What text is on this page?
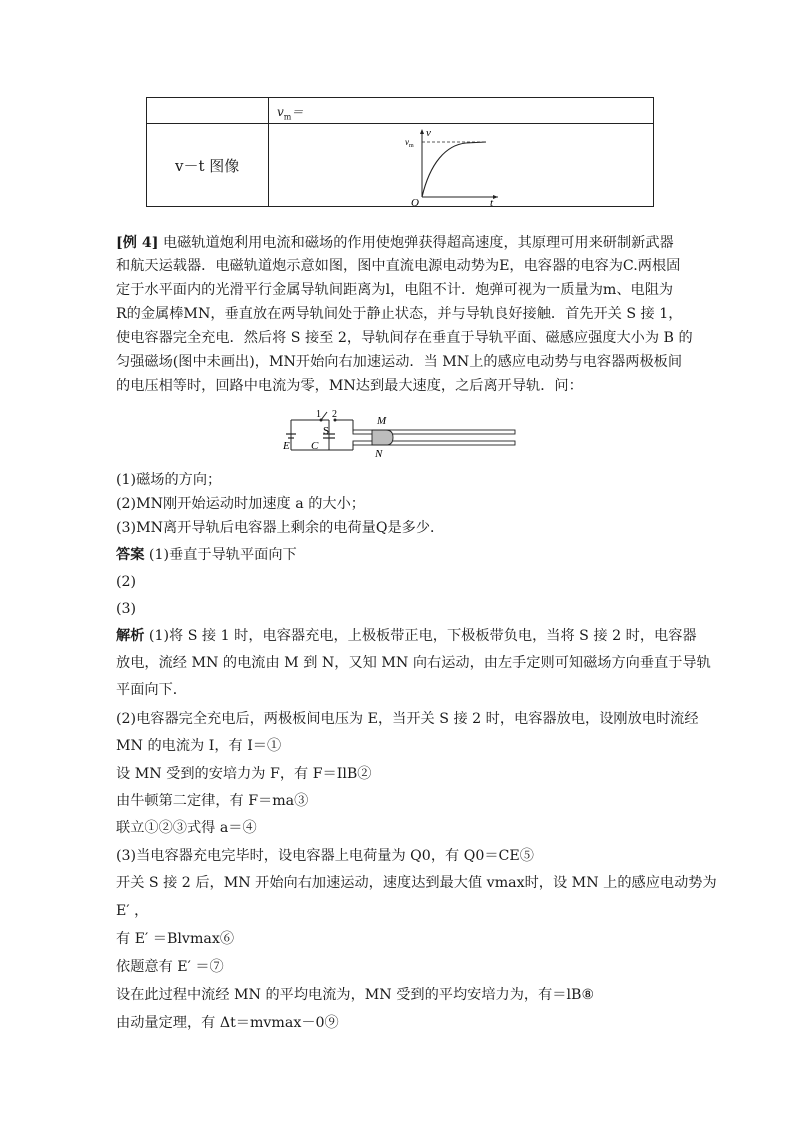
$v_m=$
v－t 图像
v
$v_m$
O	t
[例 4] 电磁轨道炮利用电流和磁场的作用使炮弹获得超高速度，其原理可用来研制新武器
和航天运载器．电磁轨道炮示意如图，图中直流电源电动势为E，电容器的电容为C.两根固
定于水平面内的光滑平行金属导轨间距离为l，电阻不计．炮弹可视为一质量为m、电阻为
R的金属棒MN，垂直放在两导轨间处于静止状态，并与导轨良好接触．首先开关 S 接 1，
使电容器完全充电．然后将 S 接至 2，导轨间存在垂直于导轨平面、磁感应强度大小为 B 的
匀强磁场(图中未画出)，MN开始向右加速运动．当 MN上的感应电动势与电容器两极板间
的电压相等时，回路中电流为零，MN达到最大速度，之后离开导轨．问：
1 2
S
E C
M
N
(1)磁场的方向；
(2)MN刚开始运动时加速度 a 的大小；
(3)MN离开导轨后电容器上剩余的电荷量Q是多少．
答案 (1)垂直于导轨平面向下
(2)
(3)
解析 (1)将 S 接 1 时，电容器充电，上极板带正电，下极板带负电，当将 S 接 2 时，电容器
放电，流经 MN 的电流由 M 到 N，又知 MN 向右运动，由左手定则可知磁场方向垂直于导轨
平面向下．
(2)电容器完全充电后，两极板间电压为 E，当开关 S 接 2 时，电容器放电，设刚放电时流经
MN 的电流为 I，有 I＝①
设 MN 受到的安培力为 F，有 F＝IlB②
由牛顿第二定律，有 F＝ma③
联立①②③式得 a＝④
(3)当电容器充电完毕时，设电容器上电荷量为 Q0，有 Q0＝CE⑤
开关 S 接 2 后，MN 开始向右加速运动，速度达到最大值 vmax时，设 MN 上的感应电动势为
E′ ，
有 E′ ＝Blvmax⑥
依题意有 E′ ＝⑦
设在此过程中流经 MN 的平均电流为，MN 受到的平均安培力为，有＝lB⑧
由动量定理，有 Δt＝mvmax－0⑨
